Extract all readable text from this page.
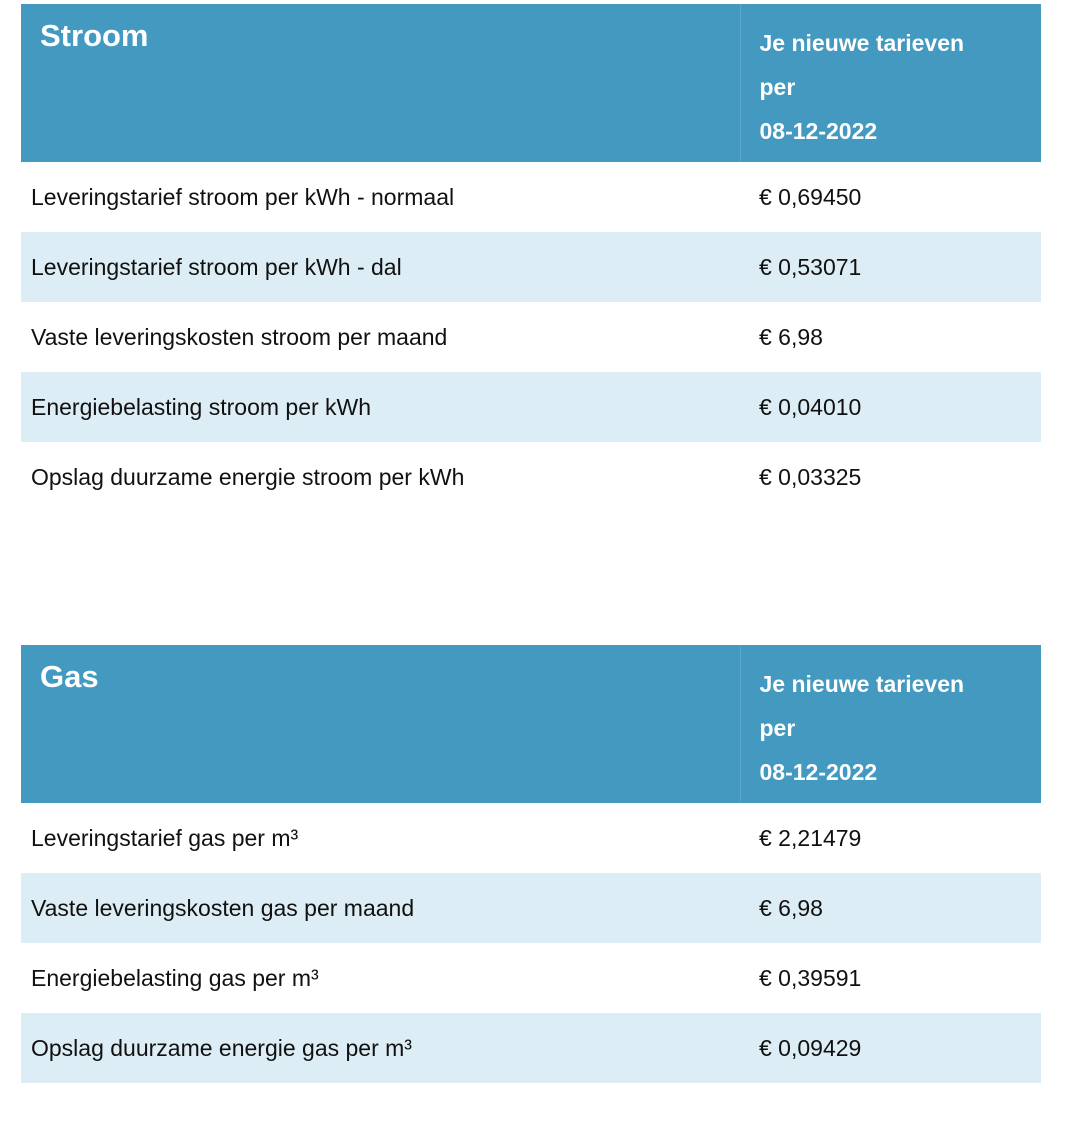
Stroom	Je nieuwe tarieven
per
08-12-2022

Leveringstarief stroom per kWh - normaal	€ 0,69450
Leveringstarief stroom per kWh - dal	€ 0,53071
Vaste leveringskosten stroom per maand	€ 6,98
Energiebelasting stroom per kWh	€ 0,04010
Opslag duurzame energie stroom per kWh	€ 0,03325
Gas	Je nieuwe tarieven
per
08-12-2022

Leveringstarief gas per m³	€ 2,21479
Vaste leveringskosten gas per maand	€ 6,98
Energiebelasting gas per m³	€ 0,39591
Opslag duurzame energie gas per m³	€ 0,09429
